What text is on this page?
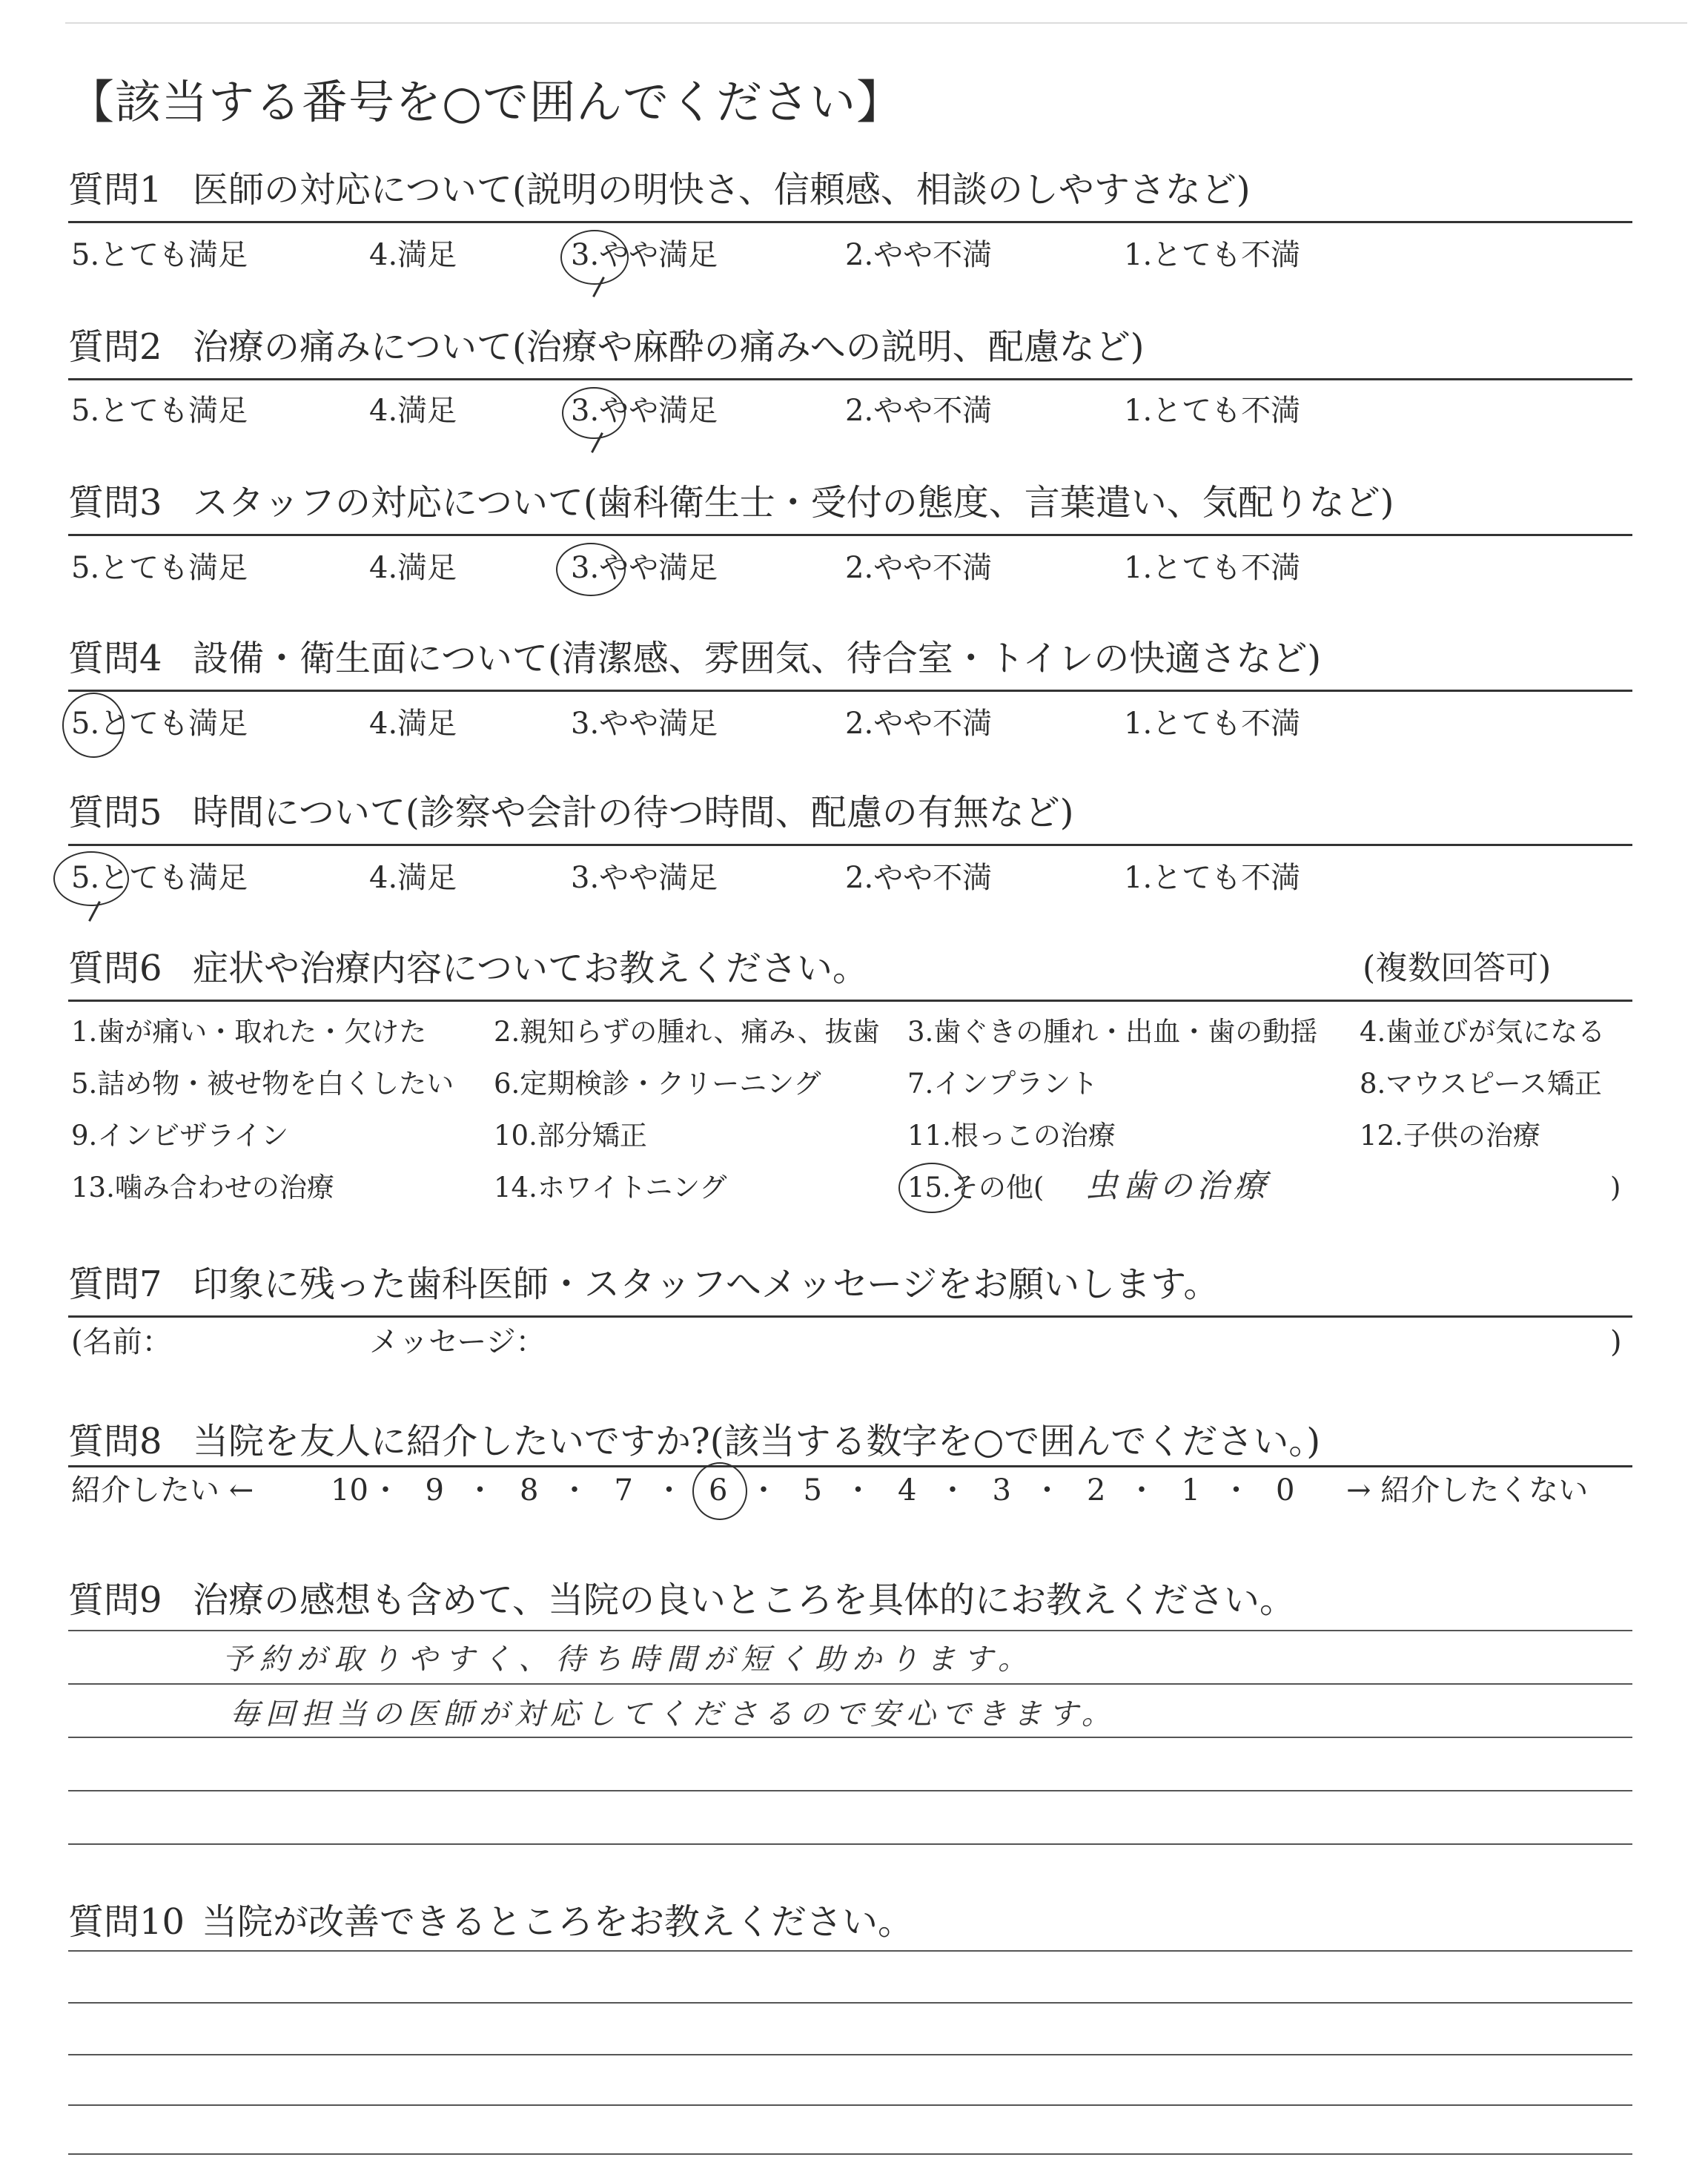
【該当する番号を○で囲んでください】
質問1 医師の対応について(説明の明快さ、信頼感、相談のしやすさなど)
5.とても満足	4.満足	3.やや満足	2.やや不満	1.とても不満
質問2 治療の痛みについて(治療や麻酔の痛みへの説明、配慮など)
5.とても満足	4.満足	3.やや満足	2.やや不満	1.とても不満
質問3 スタッフの対応について(歯科衛生士・受付の態度、言葉遣い、気配りなど)
5.とても満足	4.満足	3.やや満足	2.やや不満	1.とても不満
質問4 設備・衛生面について(清潔感、雰囲気、待合室・トイレの快適さなど)
5.とても満足	4.満足	3.やや満足	2.やや不満	1.とても不満
質問5 時間について(診察や会計の待つ時間、配慮の有無など)
5.とても満足	4.満足	3.やや満足	2.やや不満	1.とても不満
質問6 症状や治療内容についてお教えください。	(複数回答可)
1.歯が痛い・取れた・欠けた 2.親知らずの腫れ、痛み、抜歯 3.歯ぐきの腫れ・出血・歯の動揺 4.歯並びが気になる
5.詰め物・被せ物を白くしたい 6.定期検診・クリーニング	7.インプラント	8.マウスピース矯正
9.インビザライン	10.部分矯正	11.根っこの治療	12.子供の治療
13.噛み合わせの治療	14.ホワイトニング	15.その他( 虫歯の治療	)
質問7 印象に残った歯科医師・スタッフへメッセージをお願いします。
(名前：	メッセージ：	)
質問8 当院を友人に紹介したいですか?(該当する数字を○で囲んでください。)
紹介したい ←	→ 紹介したくない
10 ・ 9 ・ 8 ・ 7 ・ 6 ・ 5 ・ 4 ・ 3 ・ 2 ・ 1 ・ 0
質問9 治療の感想も含めて、当院の良いところを具体的にお教えください。
予約が取りやすく、待ち時間が短く助かります。
毎回担当の医師が対応してくださるので安心できます。
質問10 当院が改善できるところをお教えください。
